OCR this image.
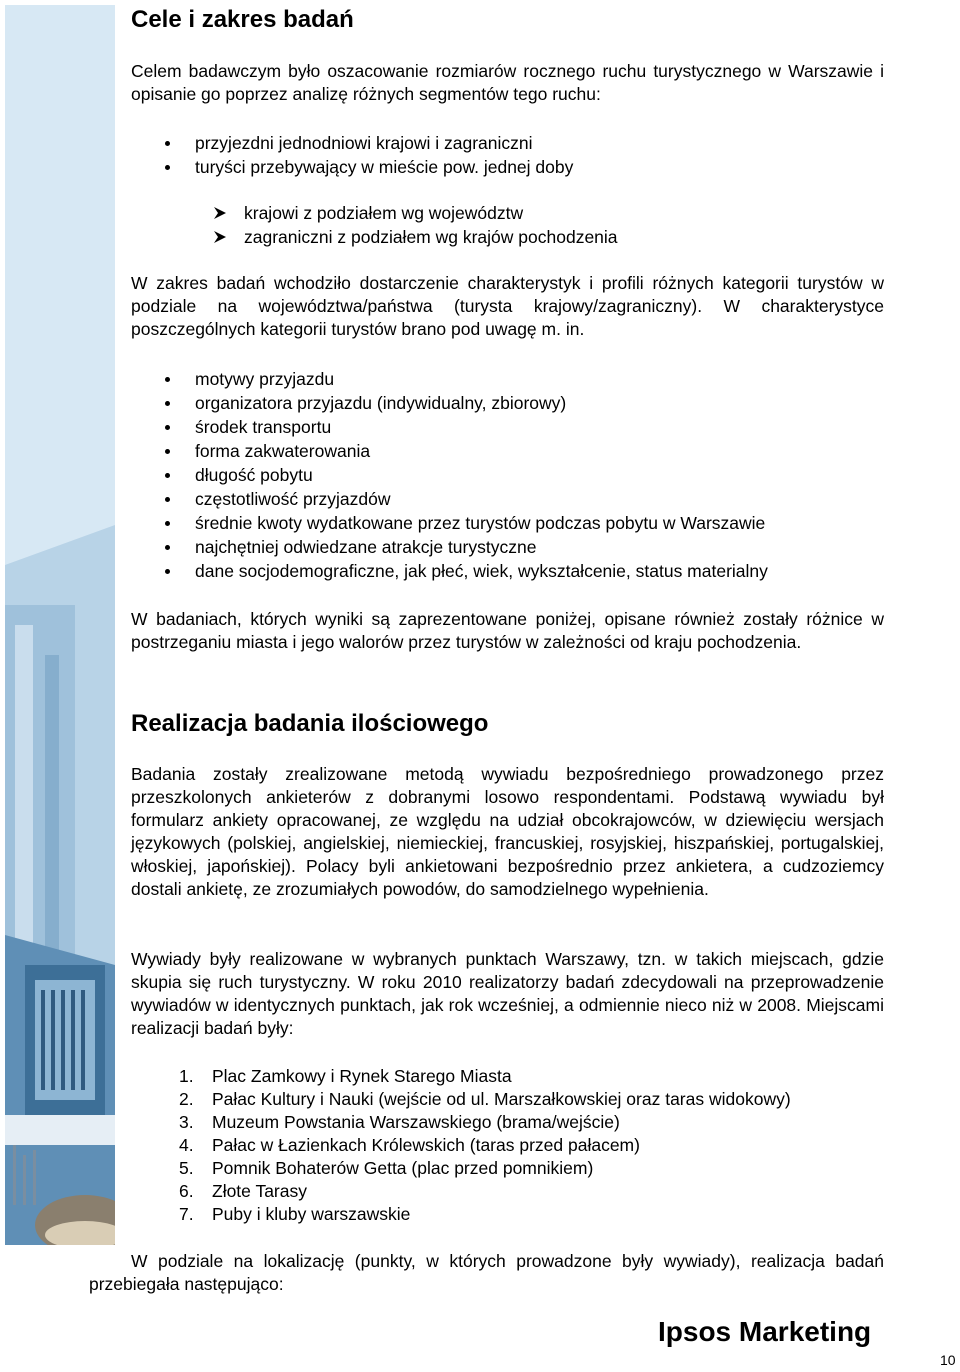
Cele i zakres badań

Celem badawczym było oszacowanie rozmiarów rocznego ruchu turystycznego w Warszawie i opisanie go poprzez analizę różnych segmentów tego ruchu:

przyjezdni jednodniowi krajowi i zagraniczni
turyści przebywający w mieście pow. jednej doby
krajowi z podziałem wg województw
zagraniczni z podziałem wg krajów pochodzenia

W zakres badań wchodziło dostarczenie charakterystyk i profili różnych kategorii turystów w podziale na województwa/państwa (turysta krajowy/zagraniczny). W charakterystyce poszczególnych kategorii turystów brano pod uwagę m. in.

motywy przyjazdu
organizatora przyjazdu (indywidualny, zbiorowy)
środek transportu
forma zakwaterowania
długość pobytu
częstotliwość przyjazdów
średnie kwoty wydatkowane przez turystów podczas pobytu w Warszawie
najchętniej odwiedzane atrakcje turystyczne
dane socjodemograficzne, jak płeć, wiek, wykształcenie, status materialny

W badaniach, których wyniki są zaprezentowane poniżej, opisane również zostały różnice w postrzeganiu miasta i jego walorów przez turystów w zależności od kraju pochodzenia.

Realizacja badania ilościowego

Badania zostały zrealizowane metodą wywiadu bezpośredniego prowadzonego przez przeszkolonych ankieterów z dobranymi losowo respondentami. Podstawą wywiadu był formularz ankiety opracowanej, ze względu na udział obcokrajowców, w dziewięciu wersjach językowych (polskiej, angielskiej, niemieckiej, francuskiej, rosyjskiej, hiszpańskiej, portugalskiej, włoskiej, japońskiej). Polacy byli ankietowani bezpośrednio przez ankietera, a cudzoziemcy dostali ankietę, ze zrozumiałych powodów, do samodzielnego wypełnienia.

Wywiady były realizowane w wybranych punktach Warszawy, tzn. w takich miejscach, gdzie skupia się ruch turystyczny. W roku 2010 realizatorzy badań zdecydowali na przeprowadzenie wywiadów w identycznych punktach, jak rok wcześniej, a odmiennie nieco niż w 2008. Miejscami realizacji badań były:

1. Plac Zamkowy i Rynek Starego Miasta
2. Pałac Kultury i Nauki (wejście od ul. Marszałkowskiej oraz taras widokowy)
3. Muzeum Powstania Warszawskiego (brama/wejście)
4. Pałac w Łazienkach Królewskich (taras przed pałacem)
5. Pomnik Bohaterów Getta (plac przed pomnikiem)
6. Złote Tarasy
7. Puby i kluby warszawskie

W podziale na lokalizację (punkty, w których prowadzone były wywiady), realizacja badań przebiegała następująco:

Ipsos Marketing
10
